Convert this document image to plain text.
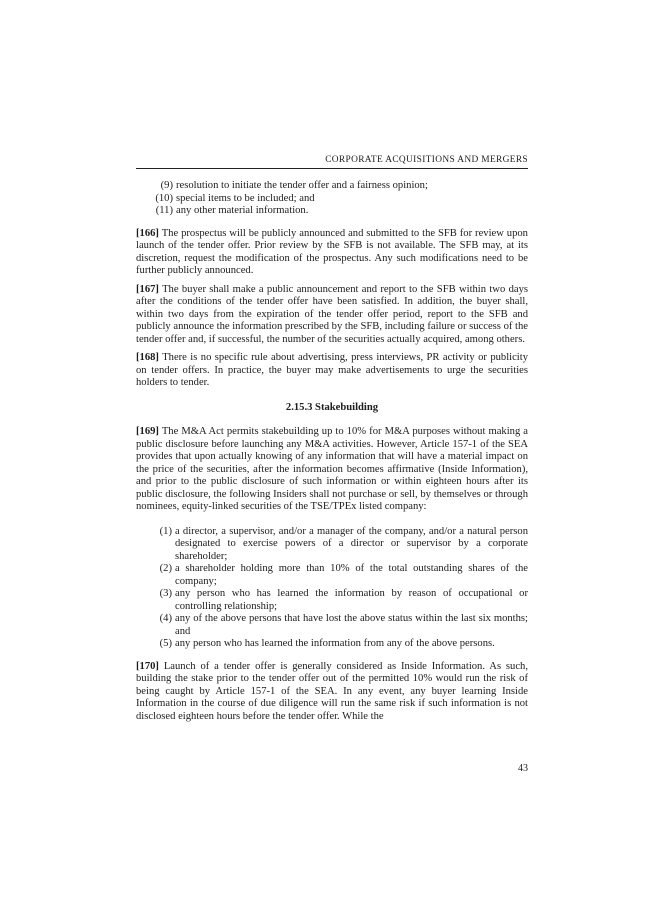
CORPORATE ACQUISITIONS AND MERGERS
(9) resolution to initiate the tender offer and a fairness opinion;
(10) special items to be included; and
(11) any other material information.

[166] The prospectus will be publicly announced and submitted to the SFB for review upon launch of the tender offer. Prior review by the SFB is not available. The SFB may, at its discretion, request the modification of the prospectus. Any such modifications need to be further publicly announced.

[167] The buyer shall make a public announcement and report to the SFB within two days after the conditions of the tender offer have been satisfied. In addition, the buyer shall, within two days from the expiration of the tender offer period, report to the SFB and publicly announce the information prescribed by the SFB, including failure or success of the tender offer and, if successful, the number of the securities actually acquired, among others.

[168] There is no specific rule about advertising, press interviews, PR activity or publicity on tender offers. In practice, the buyer may make advertisements to urge the securities holders to tender.

2.15.3 Stakebuilding

[169] The M&A Act permits stakebuilding up to 10% for M&A purposes without making a public disclosure before launching any M&A activities. However, Article 157-1 of the SEA provides that upon actually knowing of any information that will have a material impact on the price of the securities, after the information becomes affirmative (Inside Information), and prior to the public disclosure of such information or within eighteen hours after its public disclosure, the following Insiders shall not purchase or sell, by themselves or through nominees, equity-linked securities of the TSE/TPEx listed company:

(1) a director, a supervisor, and/or a manager of the company, and/or a natural person designated to exercise powers of a director or supervisor by a corporate shareholder;
(2) a shareholder holding more than 10% of the total outstanding shares of the company;
(3) any person who has learned the information by reason of occupational or controlling relationship;
(4) any of the above persons that have lost the above status within the last six months; and
(5) any person who has learned the information from any of the above persons.

[170] Launch of a tender offer is generally considered as Inside Information. As such, building the stake prior to the tender offer out of the permitted 10% would run the risk of being caught by Article 157-1 of the SEA. In any event, any buyer learning Inside Information in the course of due diligence will run the same risk if such information is not disclosed eighteen hours before the tender offer. While the

43
